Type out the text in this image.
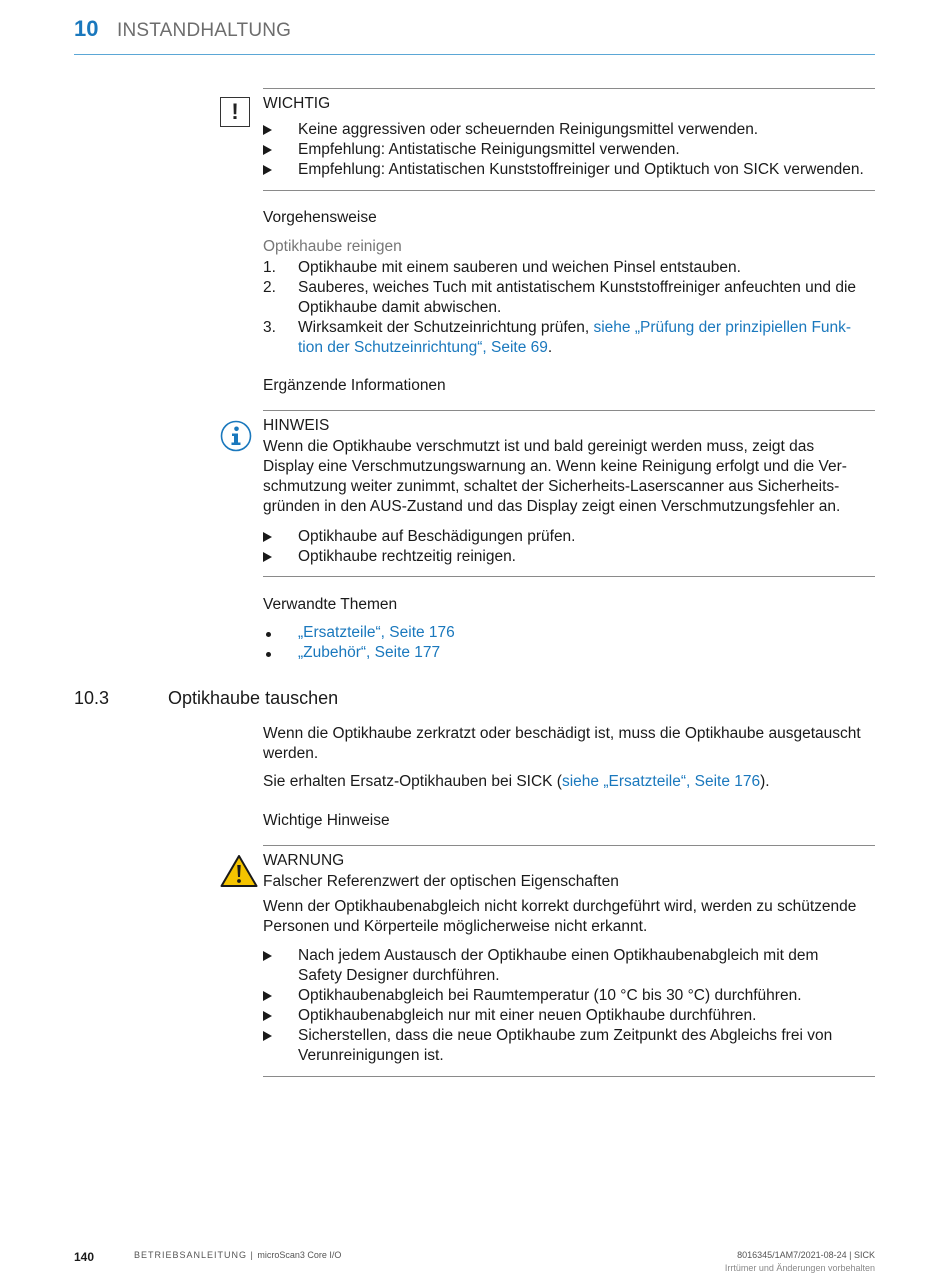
10 INSTANDHALTUNG
!	WICHTIG
Keine aggressiven oder scheuernden Reinigungsmittel verwenden.
Empfehlung: Antistatische Reinigungsmittel verwenden.
Empfehlung: Antistatischen Kunststoffreiniger und Optiktuch von SICK verwenden.
Vorgehensweise
Optikhaube reinigen
1.	Optikhaube mit einem sauberen und weichen Pinsel entstauben.
2.	Sauberes, weiches Tuch mit antistatischem Kunststoffreiniger anfeuchten und die
Optikhaube damit abwischen.
3.	Wirksamkeit der Schutzeinrichtung prüfen, siehe „Prüfung der prinzipiellen Funk-
tion der Schutzeinrichtung“, Seite 69.
Ergänzende Informationen
HINWEIS
Wenn die Optikhaube verschmutzt ist und bald gereinigt werden muss, zeigt das
Display eine Verschmutzungswarnung an. Wenn keine Reinigung erfolgt und die Ver-
schmutzung weiter zunimmt, schaltet der Sicherheits-Laserscanner aus Sicherheits-
gründen in den AUS-Zustand und das Display zeigt einen Verschmutzungsfehler an.
Optikhaube auf Beschädigungen prüfen.
Optikhaube rechtzeitig reinigen.
Verwandte Themen
„Ersatzteile“, Seite 176
„Zubehör“, Seite 177
10.3	Optikhaube tauschen
Wenn die Optikhaube zerkratzt oder beschädigt ist, muss die Optikhaube ausgetauscht
werden.
Sie erhalten Ersatz-Optikhauben bei SICK (siehe „Ersatzteile“, Seite 176).
Wichtige Hinweise
WARNUNG
Falscher Referenzwert der optischen Eigenschaften
Wenn der Optikhaubenabgleich nicht korrekt durchgeführt wird, werden zu schützende
Personen und Körperteile möglicherweise nicht erkannt.
Nach jedem Austausch der Optikhaube einen Optikhaubenabgleich mit dem
Safety Designer durchführen.
Optikhaubenabgleich bei Raumtemperatur (10 °C bis 30 °C) durchführen.
Optikhaubenabgleich nur mit einer neuen Optikhaube durchführen.
Sicherstellen, dass die neue Optikhaube zum Zeitpunkt des Abgleichs frei von
Verunreinigungen ist.
140	BETRIEBSANLEITUNG | microScan3 Core I/O	8016345/1AM7/2021-08-24 | SICK
Irrtümer und Änderungen vorbehalten
